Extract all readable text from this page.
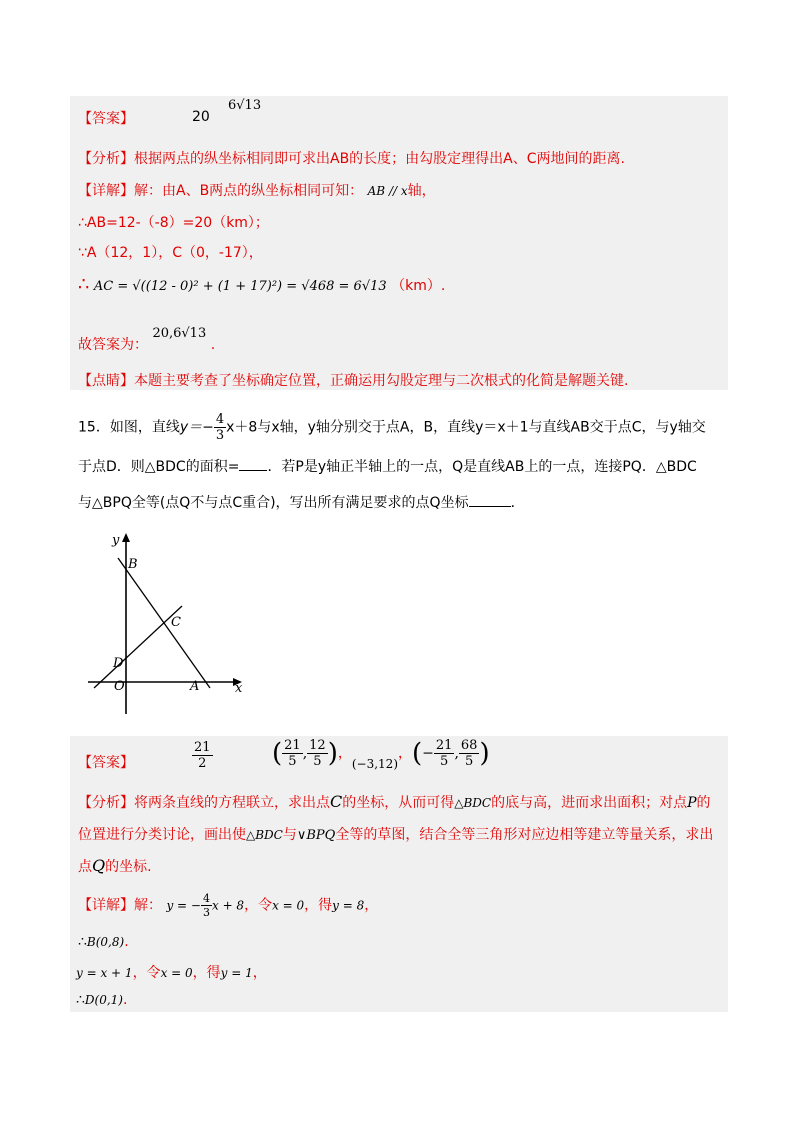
【答案】	20
6√13
【分析】根据两点的纵坐标相同即可求出AB的长度；由勾股定理得出A、C两地间的距离.
【详解】解：由A、B两点的纵坐标相同可知： AB // x轴，
∴AB=12-（-8）=20（km）；
∵A（12，1），C（0，-17），
∴ AC = √((12 - 0)² + (1 + 17)²) = √468 = 6√13 （km）.
故答案为： 20,6√13 .
【点睛】本题主要考查了坐标确定位置，正确运用勾股定理与二次根式的化简是解题关键.
15．如图，直线$y=- \frac{4}{3} x+8$与x轴，y轴分别交于点A，B，直线y＝x＋1与直线AB交于点C，与y轴交
于点D．则△BDC的面积= ．若P是y轴正半轴上的一点，Q是直线AB上的一点，连接PQ．△BDC
与△BPQ全等(点Q不与点C重合)，写出所有满足要求的点Q坐标	．
y
B
C
D
O	A	x
【答案】	$\frac{21}{2}$ ( $\frac{21}{5}$ , $\frac{12}{5}$ )，(−3,12)，(− $\frac{21}{5}$ , $\frac{68}{5}$ )
【分析】将两条直线的方程联立，求出点C的坐标，从而可得△BDC的底与高，进而求出面积；对点P的
位置进行分类讨论，画出使△BDC与∨BPQ全等的草图，结合全等三角形对应边相等建立等量关系，求出
点Q的坐标.
【详解】解： y = − $\frac{4}{3}$ x + 8，令x = 0，得y = 8，
∴B(0,8).
y = x + 1，令x = 0，得y = 1，
∴D(0,1).
